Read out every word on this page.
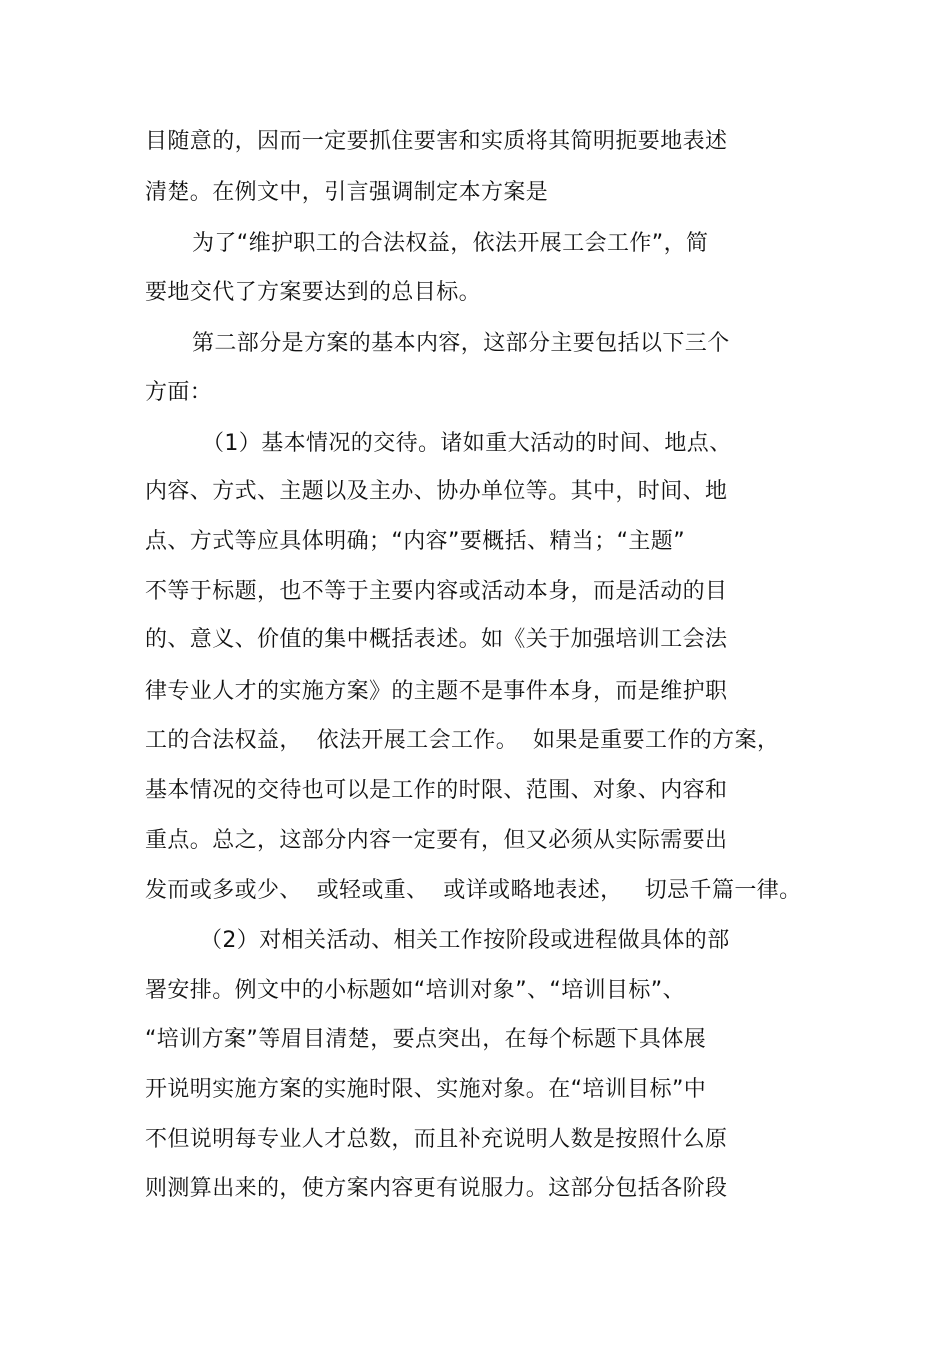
目随意的，因而一定要抓住要害和实质将其简明扼要地表述
清楚。在例文中，引言强调制定本方案是
为了“维护职工的合法权益，依法开展工会工作”，简
要地交代了方案要达到的总目标。
第二部分是方案的基本内容，这部分主要包括以下三个
方面：
（1）基本情况的交待。诸如重大活动的时间、地点、
内容、方式、主题以及主办、协办单位等。其中，时间、地
点、方式等应具体明确；“内容”要概括、精当；“主题”
不等于标题，也不等于主要内容或活动本身，而是活动的目
的、意义、价值的集中概括表述。如《关于加强培训工会法
律专业人才的实施方案》的主题不是事件本身，而是维护职
工的合法权益，  依法开展工会工作。  如果是重要工作的方案，
基本情况的交待也可以是工作的时限、范围、对象、内容和
重点。总之，这部分内容一定要有，但又必须从实际需要出
发而或多或少、  或轻或重、  或详或略地表述，   切忌千篇一律。
（2）对相关活动、相关工作按阶段或进程做具体的部
署安排。例文中的小标题如“培训对象”、“培训目标”、
“培训方案”等眉目清楚，要点突出，在每个标题下具体展
开说明实施方案的实施时限、实施对象。在“培训目标”中
不但说明每专业人才总数，而且补充说明人数是按照什么原
则测算出来的，使方案内容更有说服力。这部分包括各阶段
